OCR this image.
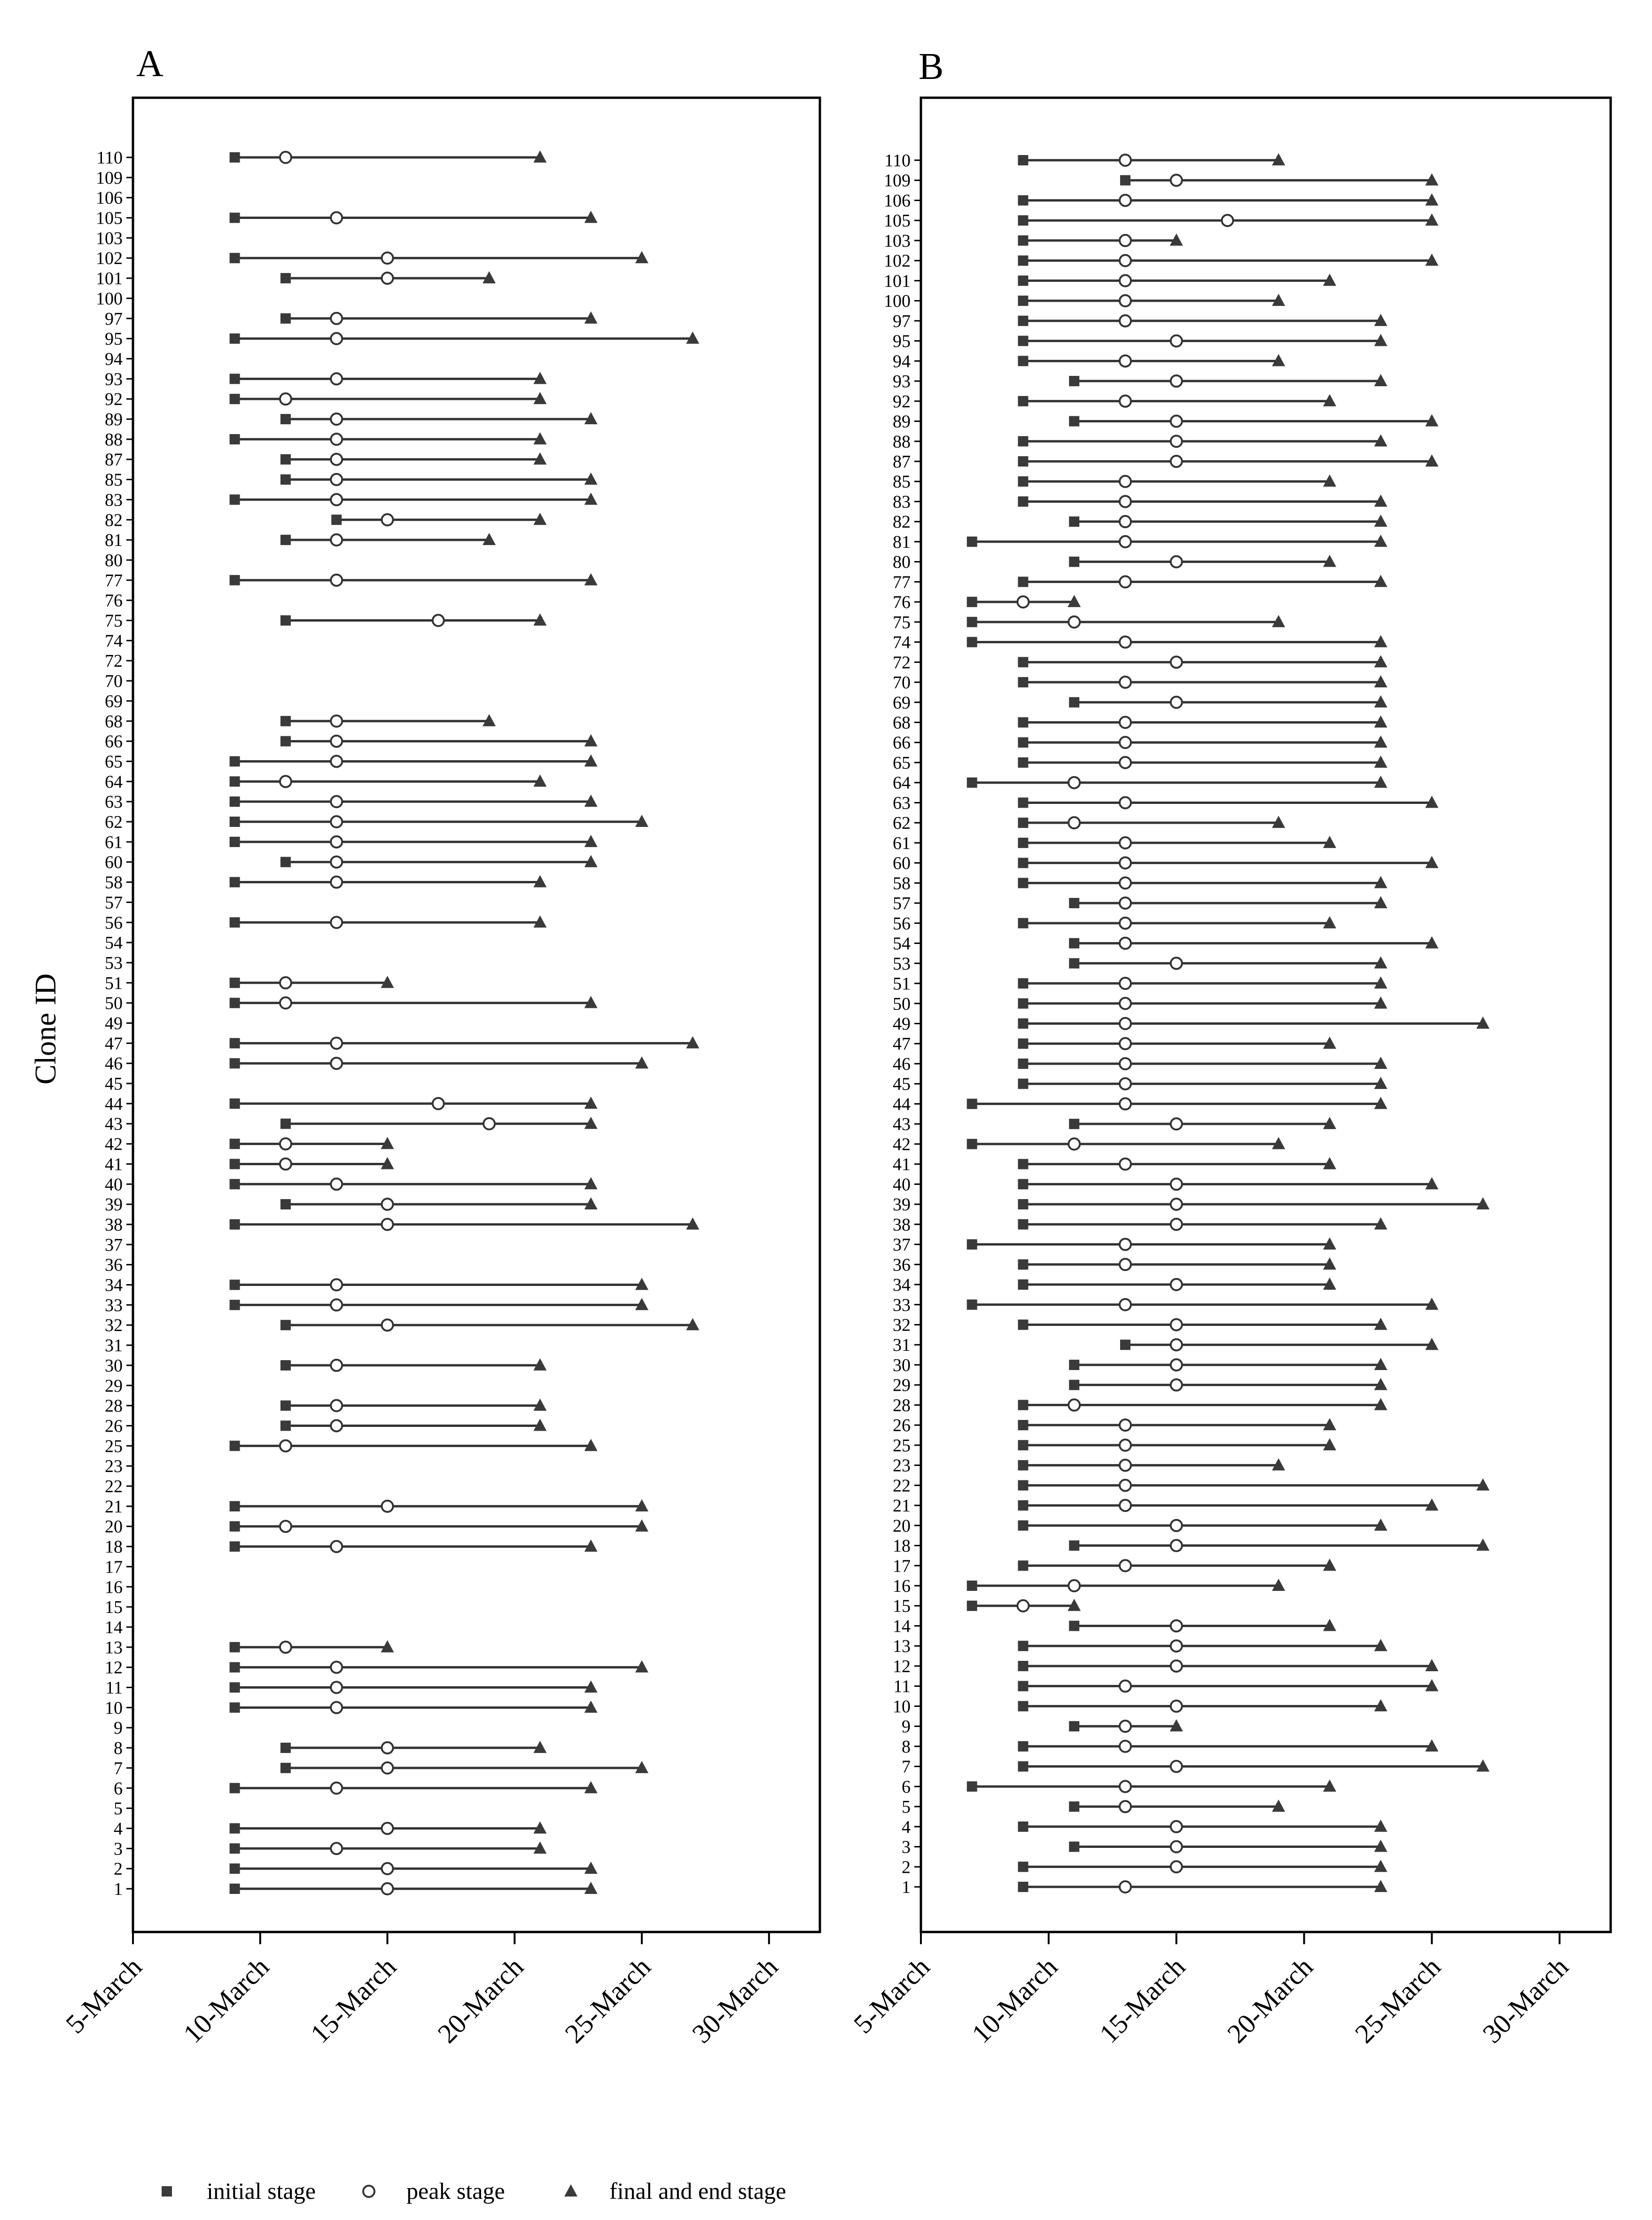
A
1
2
3
4
5
6
7
8
9
10
11
12
13
14
15
16
17
18
20
21
22
23
25
26
28
29
30
31
32
33
34
36
37
38
39
40
41
42
43
44
45
46
47
49
50
51
53
54
56
57
58
60
61
62
63
64
65
66
68
69
70
72
74
75
76
77
80
81
82
83
85
87
88
89
92
93
94
95
97
100
101
102
103
105
106
109
110
5-March 10-March 15-March 20-March 25-March 30-March
B
1
2
3
4
5
6
7
8
9
10
11
12
13
14
15
16
17
18
20
21
22
23
25
26
28
29
30
31
32
33
34
36
37
38
39
40
41
42
43
44
45
46
47
49
50
51
53
54
56
57
58
60
61
62
63
64
65
66
68
69
70
72
74
75
76
77
80
81
82
83
85
87
88
89
92
93
94
95
97
100
101
102
103
105
106
109
110
5-March 10-March 15-March 20-March 25-March 30-March
Clone ID
initial stage	peak stage	final and end stage
